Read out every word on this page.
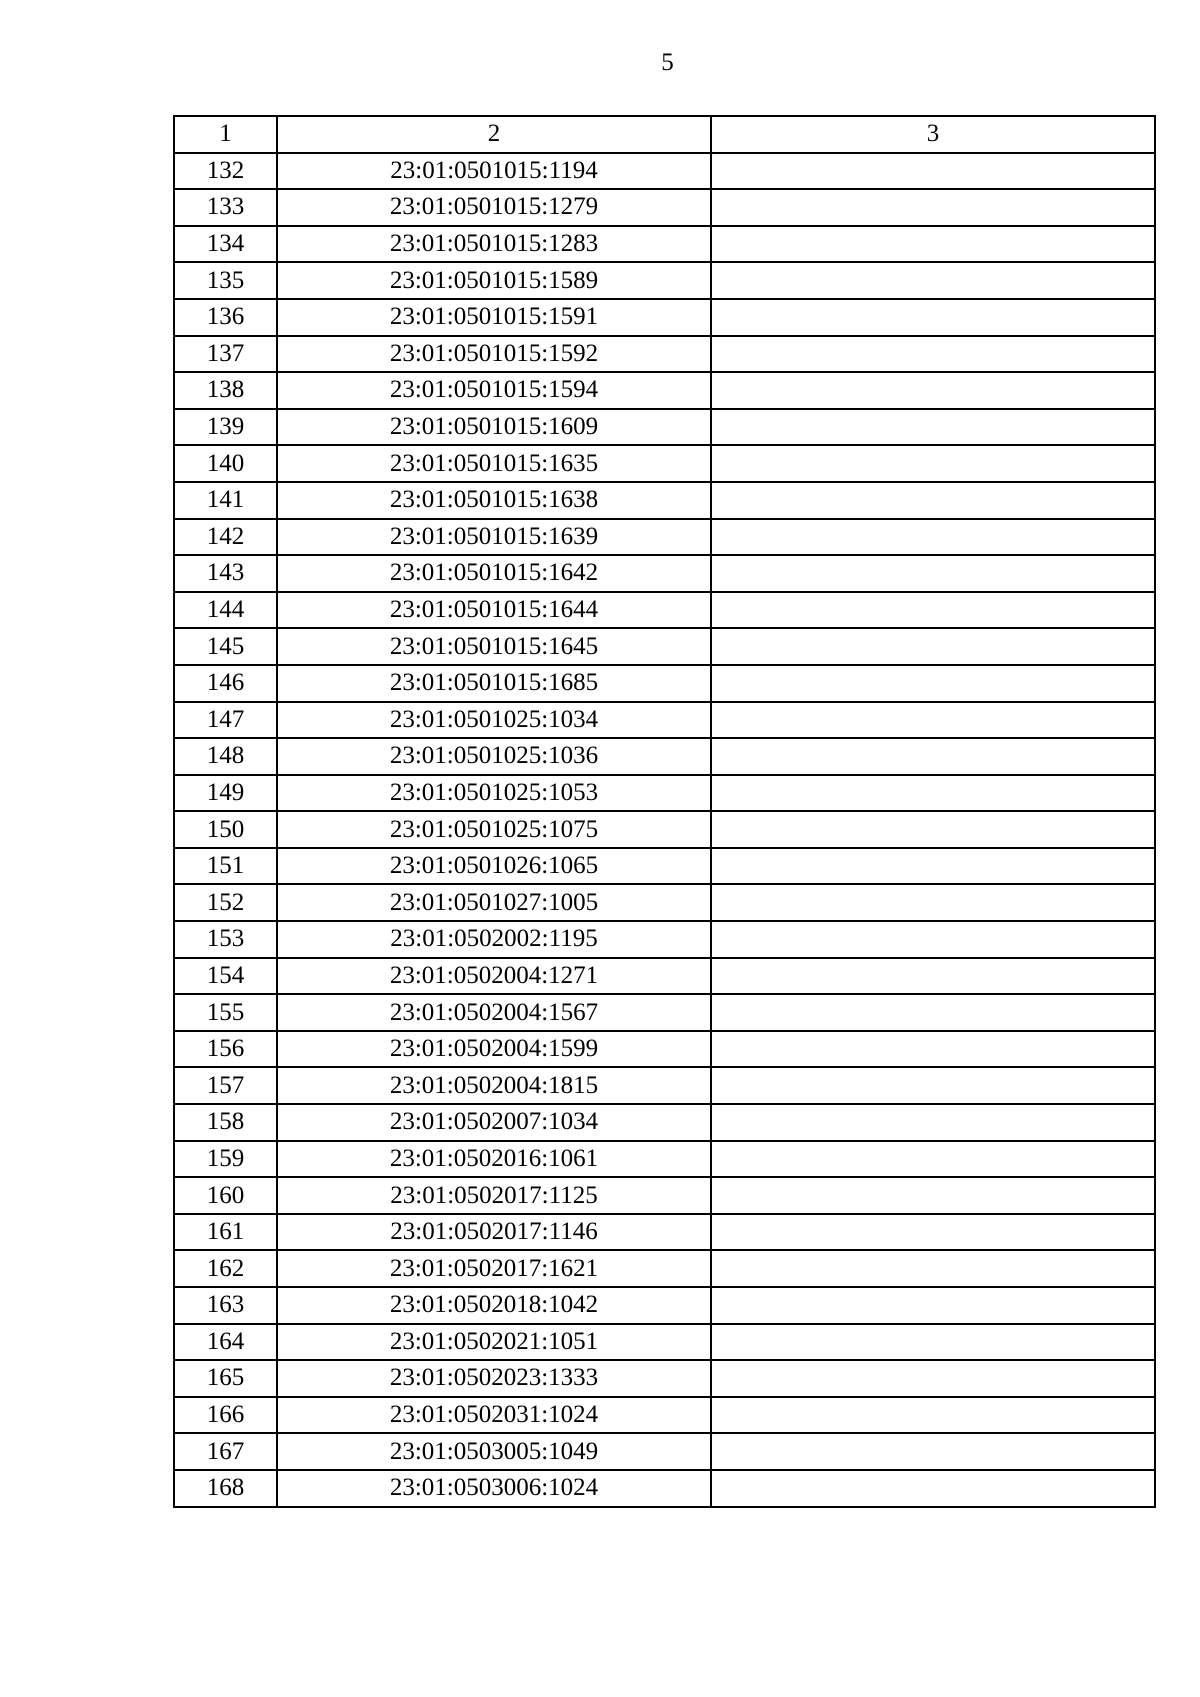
5
1	2	3
132	23:01:0501015:1194	
133	23:01:0501015:1279	
134	23:01:0501015:1283	
135	23:01:0501015:1589	
136	23:01:0501015:1591	
137	23:01:0501015:1592	
138	23:01:0501015:1594	
139	23:01:0501015:1609	
140	23:01:0501015:1635	
141	23:01:0501015:1638	
142	23:01:0501015:1639	
143	23:01:0501015:1642	
144	23:01:0501015:1644	
145	23:01:0501015:1645	
146	23:01:0501015:1685	
147	23:01:0501025:1034	
148	23:01:0501025:1036	
149	23:01:0501025:1053	
150	23:01:0501025:1075	
151	23:01:0501026:1065	
152	23:01:0501027:1005	
153	23:01:0502002:1195	
154	23:01:0502004:1271	
155	23:01:0502004:1567	
156	23:01:0502004:1599	
157	23:01:0502004:1815	
158	23:01:0502007:1034	
159	23:01:0502016:1061	
160	23:01:0502017:1125	
161	23:01:0502017:1146	
162	23:01:0502017:1621	
163	23:01:0502018:1042	
164	23:01:0502021:1051	
165	23:01:0502023:1333	
166	23:01:0502031:1024	
167	23:01:0503005:1049	
168	23:01:0503006:1024	
